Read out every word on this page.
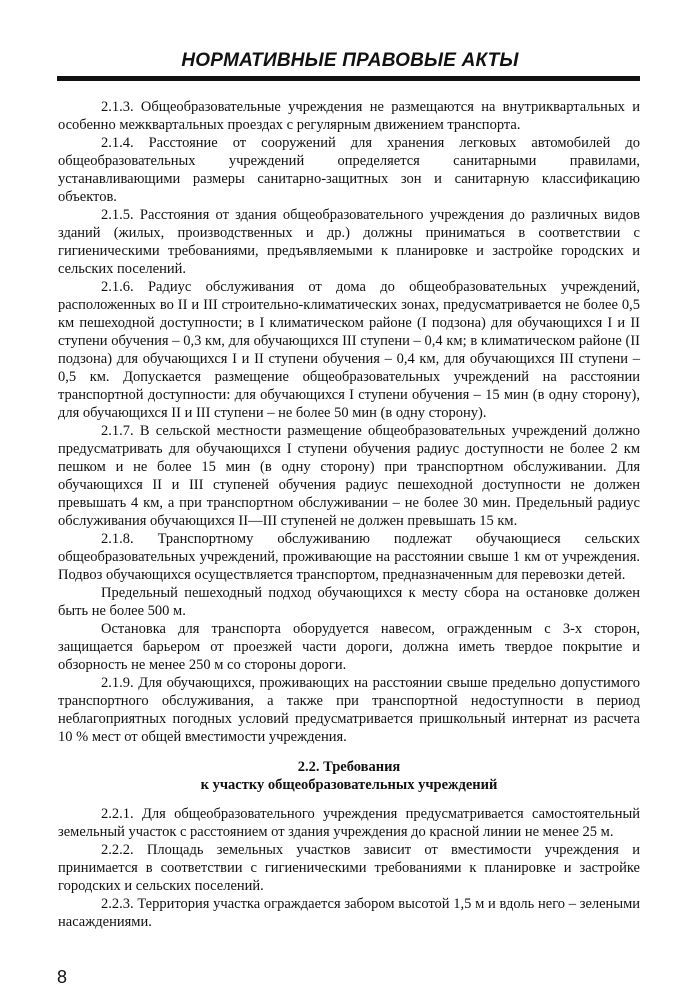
НОРМАТИВНЫЕ ПРАВОВЫЕ АКТЫ

2.1.3. Общеобразовательные учреждения не размещаются на внутриквартальных и особенно межквартальных проездах с регулярным движением транспорта.

2.1.4. Расстояние от сооружений для хранения легковых автомобилей до общеобразовательных учреждений определяется санитарными правилами, устанавливающими размеры санитарно-защитных зон и санитарную классификацию объектов.

2.1.5. Расстояния от здания общеобразовательного учреждения до различных видов зданий (жилых, производственных и др.) должны приниматься в соответствии с гигиеническими требованиями, предъявляемыми к планировке и застройке городских и сельских поселений.

2.1.6. Радиус обслуживания от дома до общеобразовательных учреждений, расположенных во II и III строительно-климатических зонах, предусматривается не более 0,5 км пешеходной доступности; в I климатическом районе (I подзона) для обучающихся I и II ступени обучения – 0,3 км, для обучающихся III ступени – 0,4 км; в климатическом районе (II подзона) для обучающихся I и II ступени обучения – 0,4 км, для обучающихся III ступени – 0,5 км. Допускается размещение общеобразовательных учреждений на расстоянии транспортной доступности: для обучающихся I ступени обучения – 15 мин (в одну сторону), для обучающихся II и III ступени – не более 50 мин (в одну сторону).

2.1.7. В сельской местности размещение общеобразовательных учреждений должно предусматривать для обучающихся I ступени обучения радиус доступности не более 2 км пешком и не более 15 мин (в одну сторону) при транспортном обслуживании. Для обучающихся II и III ступеней обучения радиус пешеходной доступности не должен превышать 4 км, а при транспортном обслуживании – не более 30 мин. Предельный радиус обслуживания обучающихся II—III ступеней не должен превышать 15 км.

2.1.8. Транспортному обслуживанию подлежат обучающиеся сельских общеобразовательных учреждений, проживающие на расстоянии свыше 1 км от учреждения. Подвоз обучающихся осуществляется транспортом, предназначенным для перевозки детей.

Предельный пешеходный подход обучающихся к месту сбора на остановке должен быть не более 500 м.

Остановка для транспорта оборудуется навесом, огражденным с 3-х сторон, защищается барьером от проезжей части дороги, должна иметь твердое покрытие и обзорность не менее 250 м со стороны дороги.

2.1.9. Для обучающихся, проживающих на расстоянии свыше предельно допустимого транспортного обслуживания, а также при транспортной недоступности в период неблагоприятных погодных условий предусматривается пришкольный интернат из расчета 10 % мест от общей вместимости учреждения.

2.2. Требования
к участку общеобразовательных учреждений

2.2.1. Для общеобразовательного учреждения предусматривается самостоятельный земельный участок с расстоянием от здания учреждения до красной линии не менее 25 м.

2.2.2. Площадь земельных участков зависит от вместимости учреждения и принимается в соответствии с гигиеническими требованиями к планировке и застройке городских и сельских поселений.

2.2.3. Территория участка ограждается забором высотой 1,5 м и вдоль него – зелеными насаждениями.

8
